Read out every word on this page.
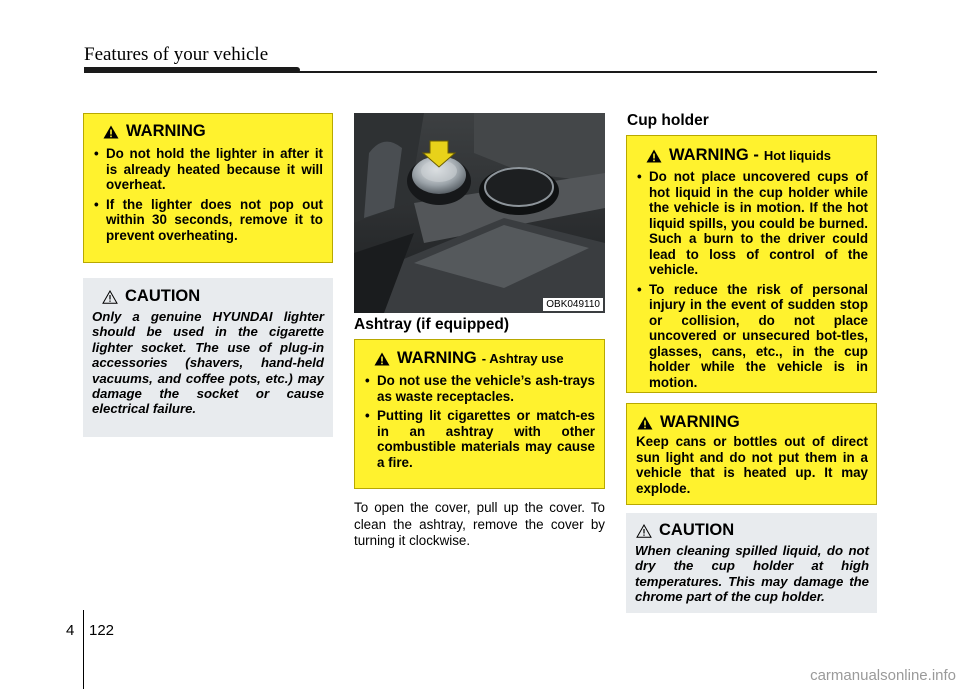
Features of your vehicle
WARNING
• Do not hold the lighter in after it is already heated because it will overheat.
• If the lighter does not pop out within 30 seconds, remove it to prevent overheating.
CAUTION
Only a genuine HYUNDAI lighter should be used in the cigarette lighter socket. The use of plug-in accessories (shavers, hand-held vacuums, and coffee pots, etc.) may damage the socket or cause electrical failure.
OBK049110
Ashtray (if equipped)
WARNING - Ashtray use
• Do not use the vehicle’s ash-trays as waste receptacles.
• Putting lit cigarettes or match-es in an ashtray with other combustible materials may cause a fire.
To open the cover, pull up the cover. To clean the ashtray, remove the cover by turning it clockwise.
Cup holder
WARNING - Hot liquids
• Do not place uncovered cups of hot liquid in the cup holder while the vehicle is in motion. If the hot liquid spills, you could be burned. Such a burn to the driver could lead to loss of control of the vehicle.
• To reduce the risk of personal injury in the event of sudden stop or collision, do not place uncovered or unsecured bot-tles, glasses, cans, etc., in the cup holder while the vehicle is in motion.
WARNING
Keep cans or bottles out of direct sun light and do not put them in a vehicle that is heated up. It may explode.
CAUTION
When cleaning spilled liquid, do not dry the cup holder at high temperatures. This may damage the chrome part of the cup holder.
4 122
carmanualsonline.info
